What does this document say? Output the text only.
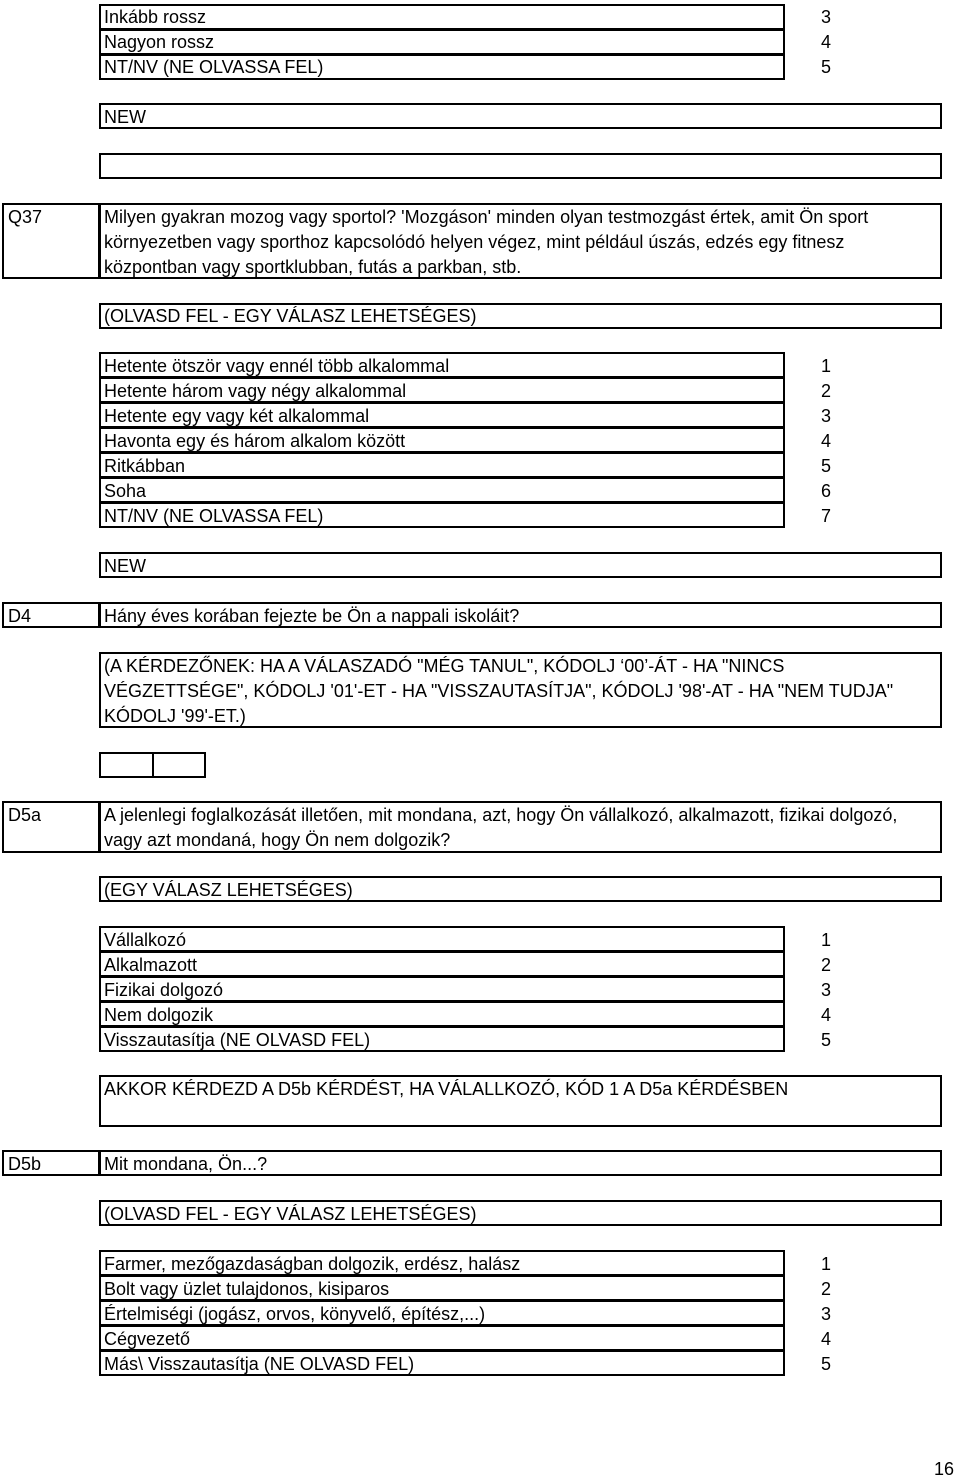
Inkább rossz	3
Nagyon rossz	4
NT/NV (NE OLVASSA FEL)	5
NEW
Q37	Milyen gyakran mozog vagy sportol? 'Mozgáson' minden olyan testmozgást értek, amit Ön sport környezetben vagy sporthoz kapcsolódó helyen végez, mint például úszás, edzés egy fitnesz központban vagy sportklubban, futás a parkban, stb.
(OLVASD FEL - EGY VÁLASZ LEHETSÉGES)
Hetente ötször vagy ennél több alkalommal	1
Hetente három vagy négy alkalommal	2
Hetente egy vagy két alkalommal	3
Havonta egy és három alkalom között	4
Ritkábban	5
Soha	6
NT/NV (NE OLVASSA FEL)	7
NEW
D4	Hány éves korában fejezte be Ön a nappali iskoláit?
(A KÉRDEZŐNEK: HA A VÁLASZADÓ "MÉG TANUL", KÓDOLJ ‘00’-ÁT - HA "NINCS VÉGZETTSÉGE", KÓDOLJ '01'-ET - HA "VISSZAUTASÍTJA", KÓDOLJ '98'-AT - HA "NEM TUDJA" KÓDOLJ '99'-ET.)
D5a	A jelenlegi foglalkozását illetően, mit mondana, azt, hogy Ön vállalkozó, alkalmazott, fizikai dolgozó, vagy azt mondaná, hogy Ön nem dolgozik?
(EGY VÁLASZ LEHETSÉGES)
Vállalkozó	1
Alkalmazott	2
Fizikai dolgozó	3
Nem dolgozik	4
Visszautasítja (NE OLVASD FEL)	5
AKKOR KÉRDEZD A D5b KÉRDÉST, HA VÁLALLKOZÓ, KÓD 1 A D5a KÉRDÉSBEN
D5b	Mit mondana, Ön...?
(OLVASD FEL - EGY VÁLASZ LEHETSÉGES)
Farmer, mezőgazdaságban dolgozik, erdész, halász	1
Bolt vagy üzlet tulajdonos, kisiparos	2
Értelmiségi (jogász, orvos, könyvelő, építész,...)	3
Cégvezető	4
Más\ Visszautasítja (NE OLVASD FEL)	5
16
